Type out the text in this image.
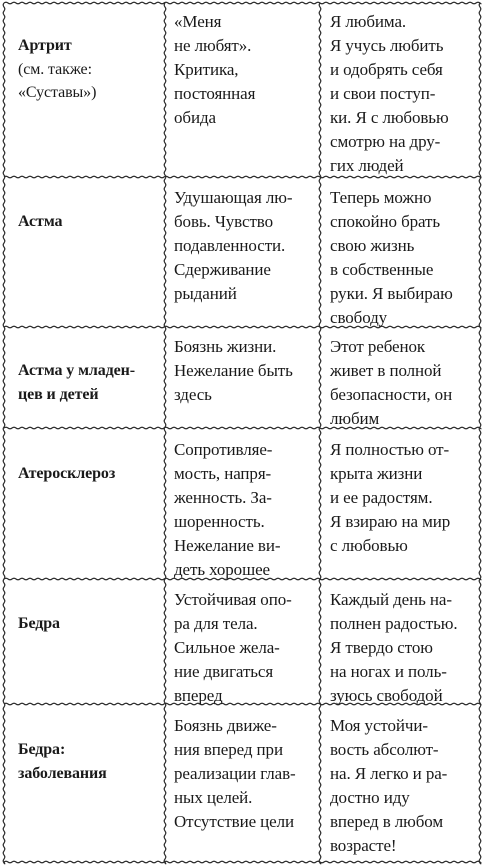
Артрит

(см. также:
«Суставы»)

«Меня
не любят».
Критика,
постоянная
обида
Я любима.
Я учусь любить
и одобрять себя
и свои поступ-
ки. Я с любовью
смотрю на дру-
гих людей

Астма

Удушающая лю-
бовь. Чувство
подавленности.
Сдерживание
рыданий
Теперь можно
спокойно брать
свою жизнь
в собственные
руки. Я выбираю
свободу

Астма у младен-
цев и детей

Боязнь жизни.
Нежелание быть
здесь
Этот ребенок
живет в полной
безопасности, он
любим

Атеросклероз

Сопротивляе-
мость, напря-
женность. За-
шоренность.
Нежелание ви-
деть хорошее
Я полностью от-
крыта жизни
и ее радостям.
Я взираю на мир
с любовью

Бедра

Устойчивая опо-
ра для тела.
Сильное жела-
ние двигаться
вперед
Каждый день на-
полнен радостью.
Я твердо стою
на ногах и поль-
зуюсь свободой

Бедра:
заболевания

Боязнь движе-
ния вперед при
реализации глав-
ных целей.
Отсутствие цели
Моя устойчи-
вость абсолют-
на. Я легко и ра-
достно иду
вперед в любом
возрасте!
